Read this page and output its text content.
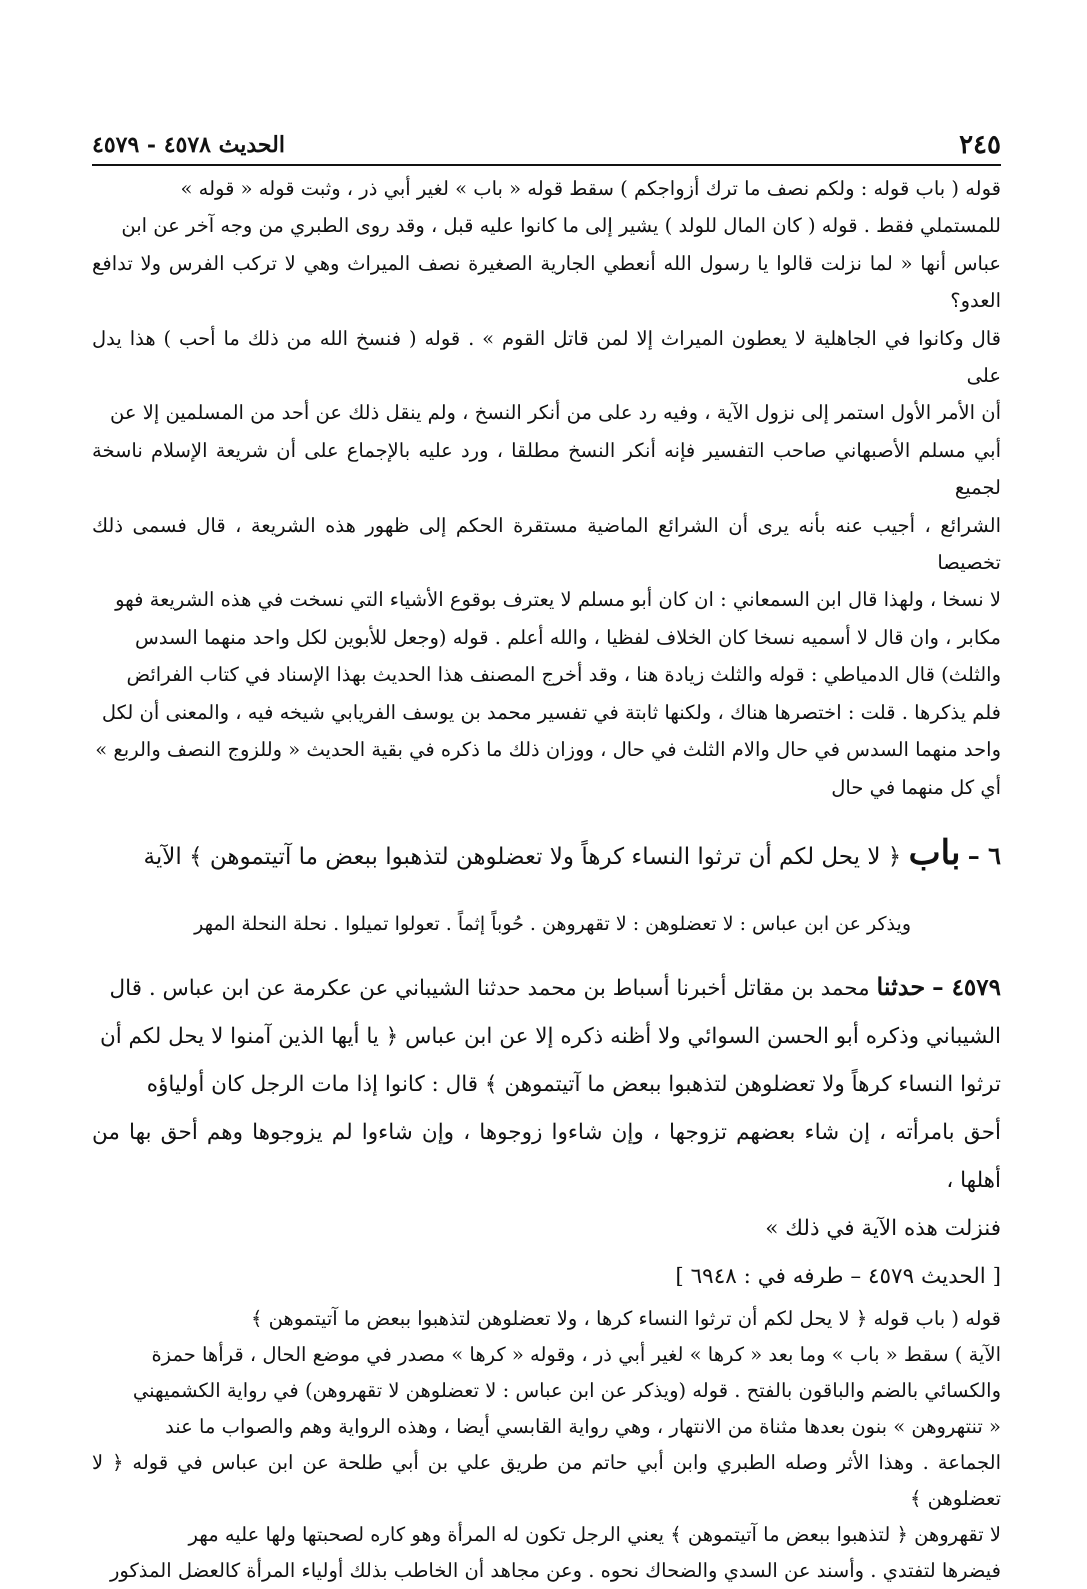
الحديث ٤٥٧٨ - ٤٥٧٩	٢٤٥

قوله ( باب قوله : ولكم نصف ما ترك أزواجكم ) سقط قوله « باب » لغير أبي ذر ، وثبت قوله « قوله »

للمستملي فقط . قوله ( كان المال للولد ) يشير إلى ما كانوا عليه قبل ، وقد روى الطبري من وجه آخر عن ابن

عباس أنها « لما نزلت قالوا يا رسول الله أنعطي الجارية الصغيرة نصف الميراث وهي لا تركب الفرس ولا تدافع العدو؟

قال وكانوا في الجاهلية لا يعطون الميراث إلا لمن قاتل القوم » . قوله ( فنسخ الله من ذلك ما أحب ) هذا يدل على

أن الأمر الأول استمر إلى نزول الآية ، وفيه رد على من أنكر النسخ ، ولم ينقل ذلك عن أحد من المسلمين إلا عن

أبي مسلم الأصبهاني صاحب التفسير فإنه أنكر النسخ مطلقا ، ورد عليه بالإجماع على أن شريعة الإسلام ناسخة لجميع

الشرائع ، أجيب عنه بأنه يرى أن الشرائع الماضية مستقرة الحكم إلى ظهور هذه الشريعة ، قال فسمى ذلك تخصيصا

لا نسخا ، ولهذا قال ابن السمعاني : ان كان أبو مسلم لا يعترف بوقوع الأشياء التي نسخت في هذه الشريعة فهو

مكابر ، وان قال لا أسميه نسخا كان الخلاف لفظيا ، والله أعلم . قوله (وجعل للأبوين لكل واحد منهما السدس

والثلث) قال الدمياطي : قوله والثلث زيادة هنا ، وقد أخرج المصنف هذا الحديث بهذا الإسناد في كتاب الفرائض

فلم يذكرها . قلت : اختصرها هناك ، ولكنها ثابتة في تفسير محمد بن يوسف الفريابي شيخه فيه ، والمعنى أن لكل

واحد منهما السدس في حال والام الثلث في حال ، ووزان ذلك ما ذكره في بقية الحديث « وللزوج النصف والربع »

أي كل منهما في حال

٦ – باب ﴿ لا يحل لكم أن ترثوا النساء كرهاً ولا تعضلوهن لتذهبوا ببعض ما آتيتموهن ﴾ الآية

ويذكر عن ابن عباس : لا تعضلوهن : لا تقهروهن . حُوباً إثماً . تعولوا تميلوا . نحلة النحلة المهر

٤٥٧٩ – حدثنا محمد بن مقاتل أخبرنا أسباط بن محمد حدثنا الشيباني عن عكرمة عن ابن عباس . قال

الشيباني وذكره أبو الحسن السوائي ولا أظنه ذكره إلا عن ابن عباس ﴿ يا أيها الذين آمنوا لا يحل لكم أن

ترثوا النساء كرهاً ولا تعضلوهن لتذهبوا ببعض ما آتيتموهن ﴾ قال : كانوا إذا مات الرجل كان أولياؤه

أحق بامرأته ، إن شاء بعضهم تزوجها ، وإن شاءوا زوجوها ، وإن شاءوا لم يزوجوها وهم أحق بها من أهلها ،

فنزلت هذه الآية في ذلك »

[ الحديث ٤٥٧٩ – طرفه في : ٦٩٤٨ ]

قوله ( باب قوله ﴿ لا يحل لكم أن ترثوا النساء كرها ، ولا تعضلوهن لتذهبوا ببعض ما آتيتموهن ﴾

الآية ) سقط « باب » وما بعد « كرها » لغير أبي ذر ، وقوله « كرها » مصدر في موضع الحال ، قرأها حمزة

والكسائي بالضم والباقون بالفتح . قوله (ويذكر عن ابن عباس : لا تعضلوهن لا تقهروهن) في رواية الكشميهني

« تنتهروهن » بنون بعدها مثناة من الانتهار ، وهي رواية القابسي أيضا ، وهذه الرواية وهم والصواب ما عند

الجماعة . وهذا الأثر وصله الطبري وابن أبي حاتم من طريق علي بن أبي طلحة عن ابن عباس في قوله ﴿ لا تعضلوهن ﴾

لا تقهروهن ﴿ لتذهبوا ببعض ما آتيتموهن ﴾ يعني الرجل تكون له المرأة وهو كاره لصحبتها ولها عليه مهر

فيضرها لتفتدي . وأسند عن السدي والضحاك نحوه . وعن مجاهد أن الخاطب بذلك أولياء المرأة كالعضل المذكور
